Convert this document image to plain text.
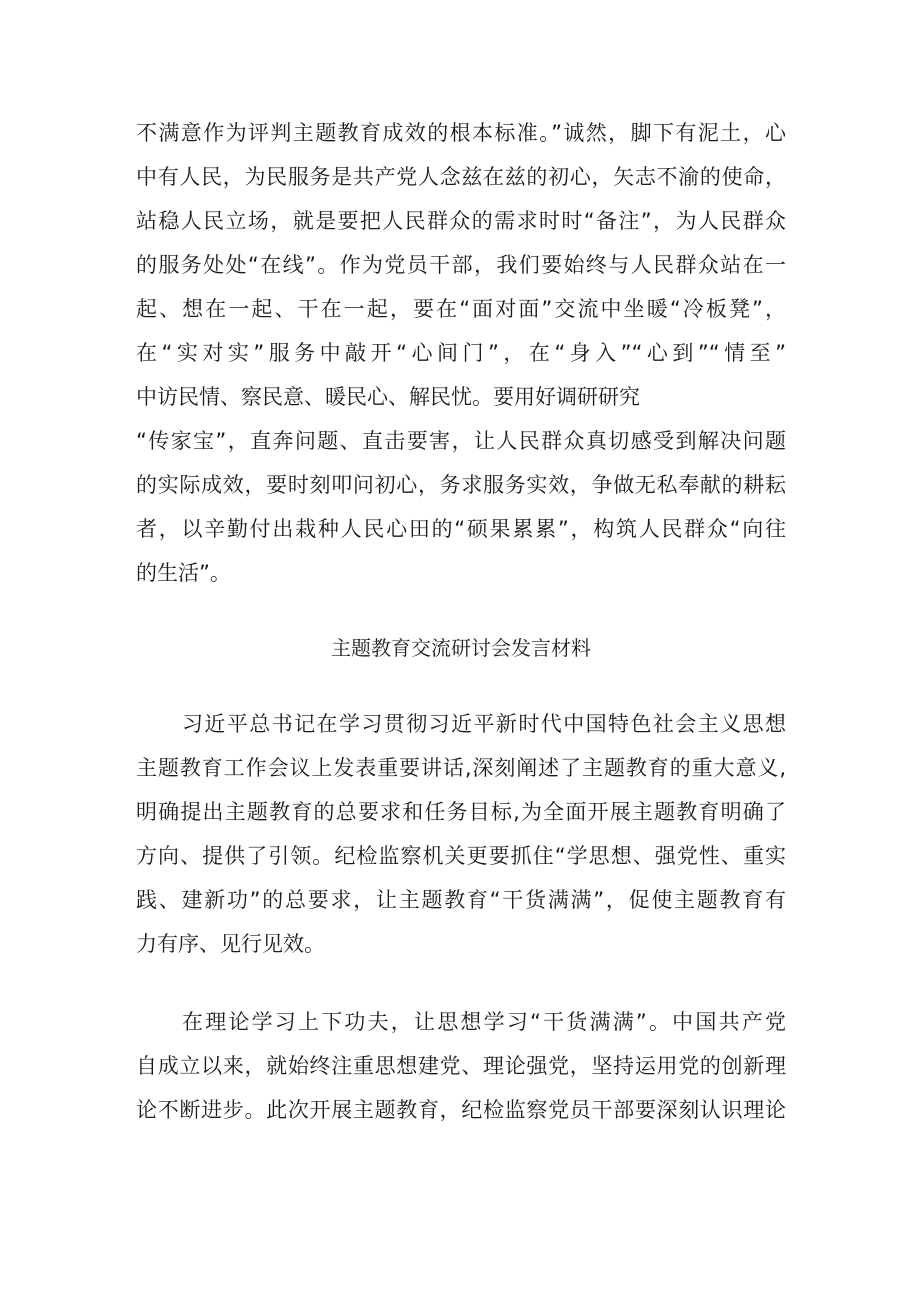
不满意作为评判主题教育成效的根本标准。”诚然，脚下有泥土，心
中有人民，为民服务是共产党人念兹在兹的初心，矢志不渝的使命，
站稳人民立场，就是要把人民群众的需求时时“备注”，为人民群众
的服务处处“在线”。作为党员干部，我们要始终与人民群众站在一
起、想在一起、干在一起，要在“面对面”交流中坐暖“冷板凳”，
在“实对实”服务中敲开“心间门”，在“身入”“心到”“情至”
中访民情、察民意、暖民心、解民忧。要用好调研研究
“传家宝”，直奔问题、直击要害，让人民群众真切感受到解决问题
的实际成效，要时刻叩问初心，务求服务实效，争做无私奉献的耕耘
者，以辛勤付出栽种人民心田的“硕果累累”，构筑人民群众“向往
的生活”。
主题教育交流研讨会发言材料
习近平总书记在学习贯彻习近平新时代中国特色社会主义思想
主题教育工作会议上发表重要讲话,深刻阐述了主题教育的重大意义,
明确提出主题教育的总要求和任务目标,为全面开展主题教育明确了
方向、提供了引领。纪检监察机关更要抓住“学思想、强党性、重实
践、建新功”的总要求，让主题教育“干货满满”，促使主题教育有
力有序、见行见效。
在理论学习上下功夫，让思想学习“干货满满”。中国共产党
自成立以来，就始终注重思想建党、理论强党，坚持运用党的创新理
论不断进步。此次开展主题教育，纪检监察党员干部要深刻认识理论
